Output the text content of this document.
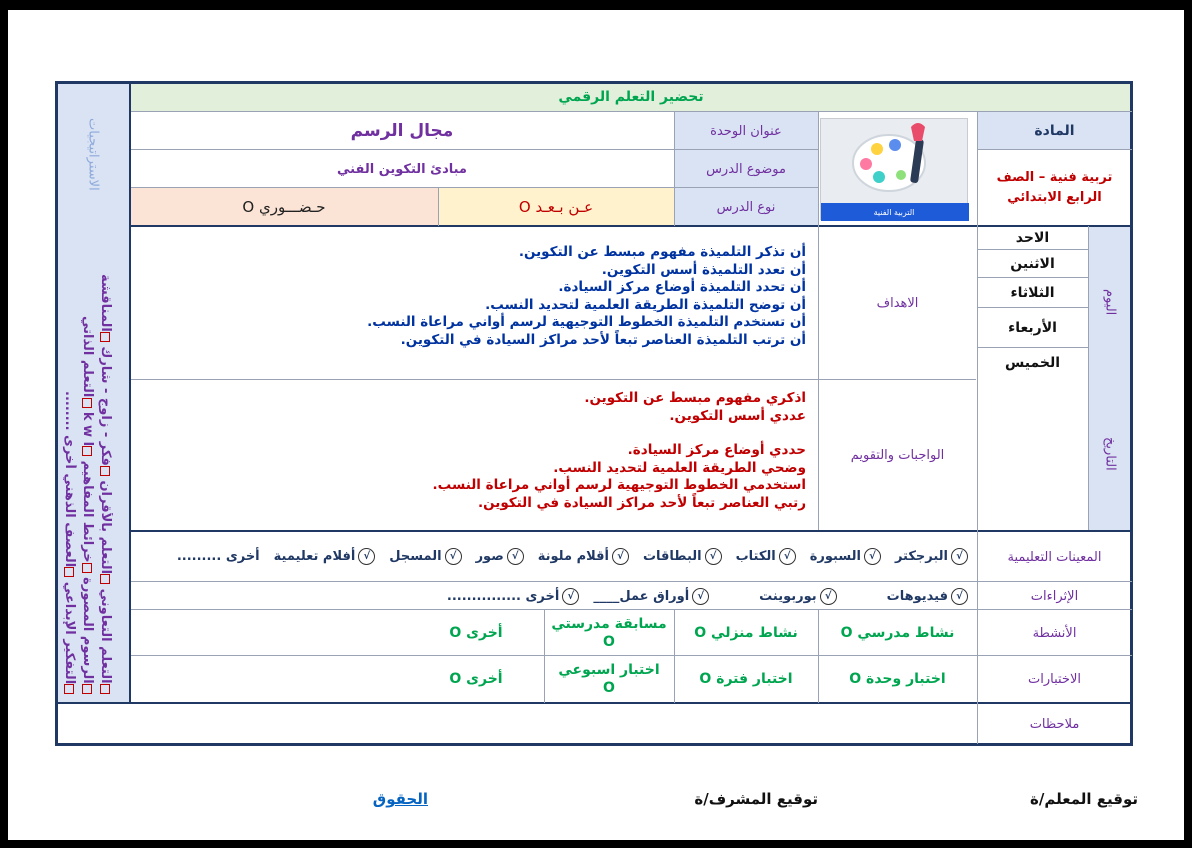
التربية الفنية
تحضير التعلم الرقمي
المادة
تربية فنية – الصف
الرابع الابتدائي
عنوان الوحدة
موضوع الدرس
نوع الدرس
مجال الرسم
مبادئ التكوين الفني
عـن بـعـد O
حـضـــوري O
الاستراتيجيات
التعلم التعاوني التعلم بالأقران فكر - زاوج - شارك المناقشة
الرسوم المصورة خرائط المفاهيم k w l التعلم الذاتي
التفكير الإبداعي العصف الذهني أخرى ........
اليوم
التاريخ
الاحد
الاثنين
الثلاثاء
الأربعاء
الخميس
الاهداف
أن تذكر التلميذة مفهوم مبسط عن التكوين.
أن تعدد التلميذة أسس التكوين.
أن تحدد التلميذة أوضاع مركز السيادة.
أن توضح التلميذة الطريقة العلمية لتحديد النسب.
أن تستخدم التلميذة الخطوط التوجيهية لرسم أواني مراعاة النسب.
أن ترتب التلميذة العناصر تبعاً لأحد مراكز السيادة في التكوين.
الواجبات والتقويم
اذكري مفهوم مبسط عن التكوين.
عددي أسس التكوين.
حددي أوضاع مركز السيادة.
وضحي الطريقة العلمية لتحديد النسب.
استخدمي الخطوط التوجيهية لرسم أواني مراعاة النسب.
رتبي العناصر تبعاً لأحد مراكز السيادة في التكوين.
المعينات التعليمية
√البرجكتر
√السبورة
√الكتاب
√البطاقات
√أقلام ملونة
√صور
√المسجل
√أفلام تعليمية
أخرى .........
الإثراءات
√فيديوهات
√بوربوينت
√أوراق عمل____
√أخرى ...............
الأنشطة
نشاط مدرسي O
نشاط منزلي O
مسابقة مدرستي
O
أخرى O
الاختبارات
اختبار وحدة O
اختبار فترة O
اختبار اسبوعي
O
أخرى O
ملاحظات
توقيع المعلم/ة
توقيع المشرف/ة
الحقوق
